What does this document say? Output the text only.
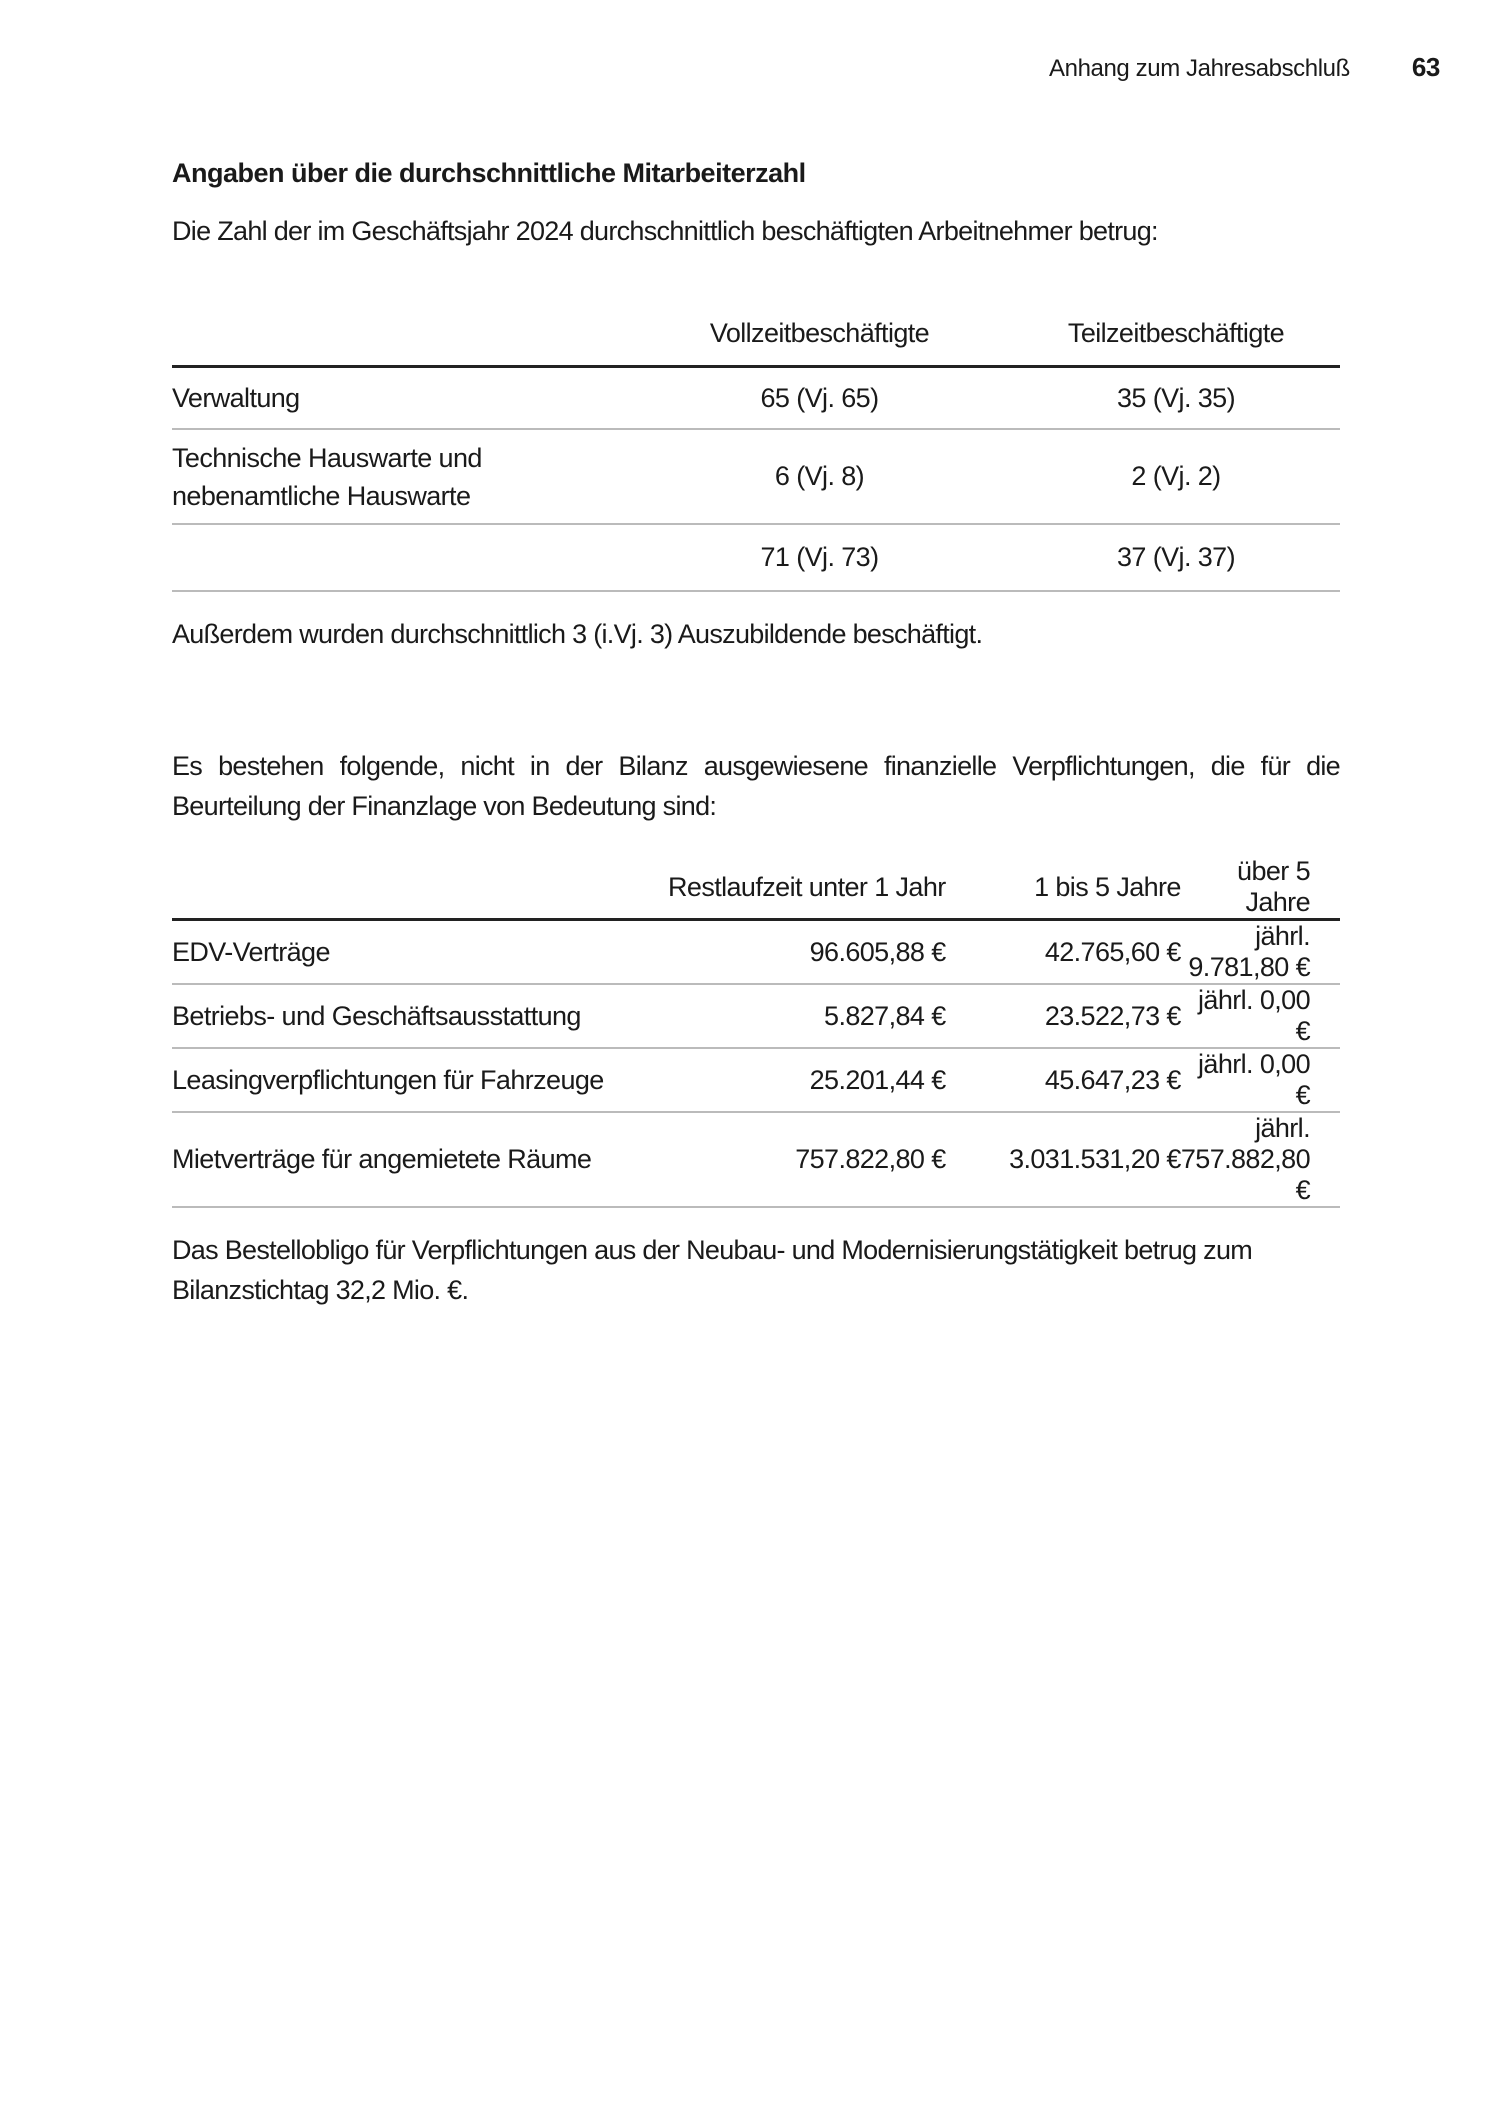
Anhang zum Jahresabschluß 63
Angaben über die durchschnittliche Mitarbeiterzahl

Die Zahl der im Geschäftsjahr 2024 durchschnittlich beschäftigten Arbeitnehmer betrug:

	Vollzeitbeschäftigte	Teilzeitbeschäftigte
Verwaltung	65 (Vj. 65)	35 (Vj. 35)
Technische Hauswarte und
nebenamtliche Hauswarte	6 (Vj. 8)	2 (Vj. 2)
	71 (Vj. 73)	37 (Vj. 37)

Außerdem wurden durchschnittlich 3 (i.Vj. 3) Auszubildende beschäftigt.

Es bestehen folgende, nicht in der Bilanz ausgewiesene finanzielle Verpflichtungen, die für die Beurteilung der Finanzlage von Bedeutung sind:

	Restlaufzeit unter 1 Jahr	1 bis 5 Jahre	über 5 Jahre
EDV-Verträge	96.605,88 €	42.765,60 €	jährl. 9.781,80 €
Betriebs- und Geschäftsausstattung	5.827,84 €	23.522,73 €	jährl. 0,00 €
Leasingverpflichtungen für Fahrzeuge	25.201,44 €	45.647,23 €	jährl. 0,00 €
Mietverträge für angemietete Räume	757.822,80 €	3.031.531,20 €	jährl. 757.882,80 €

Das Bestellobligo für Verpflichtungen aus der Neubau- und Modernisierungstätigkeit betrug zum Bilanzstichtag 32,2 Mio. €.
